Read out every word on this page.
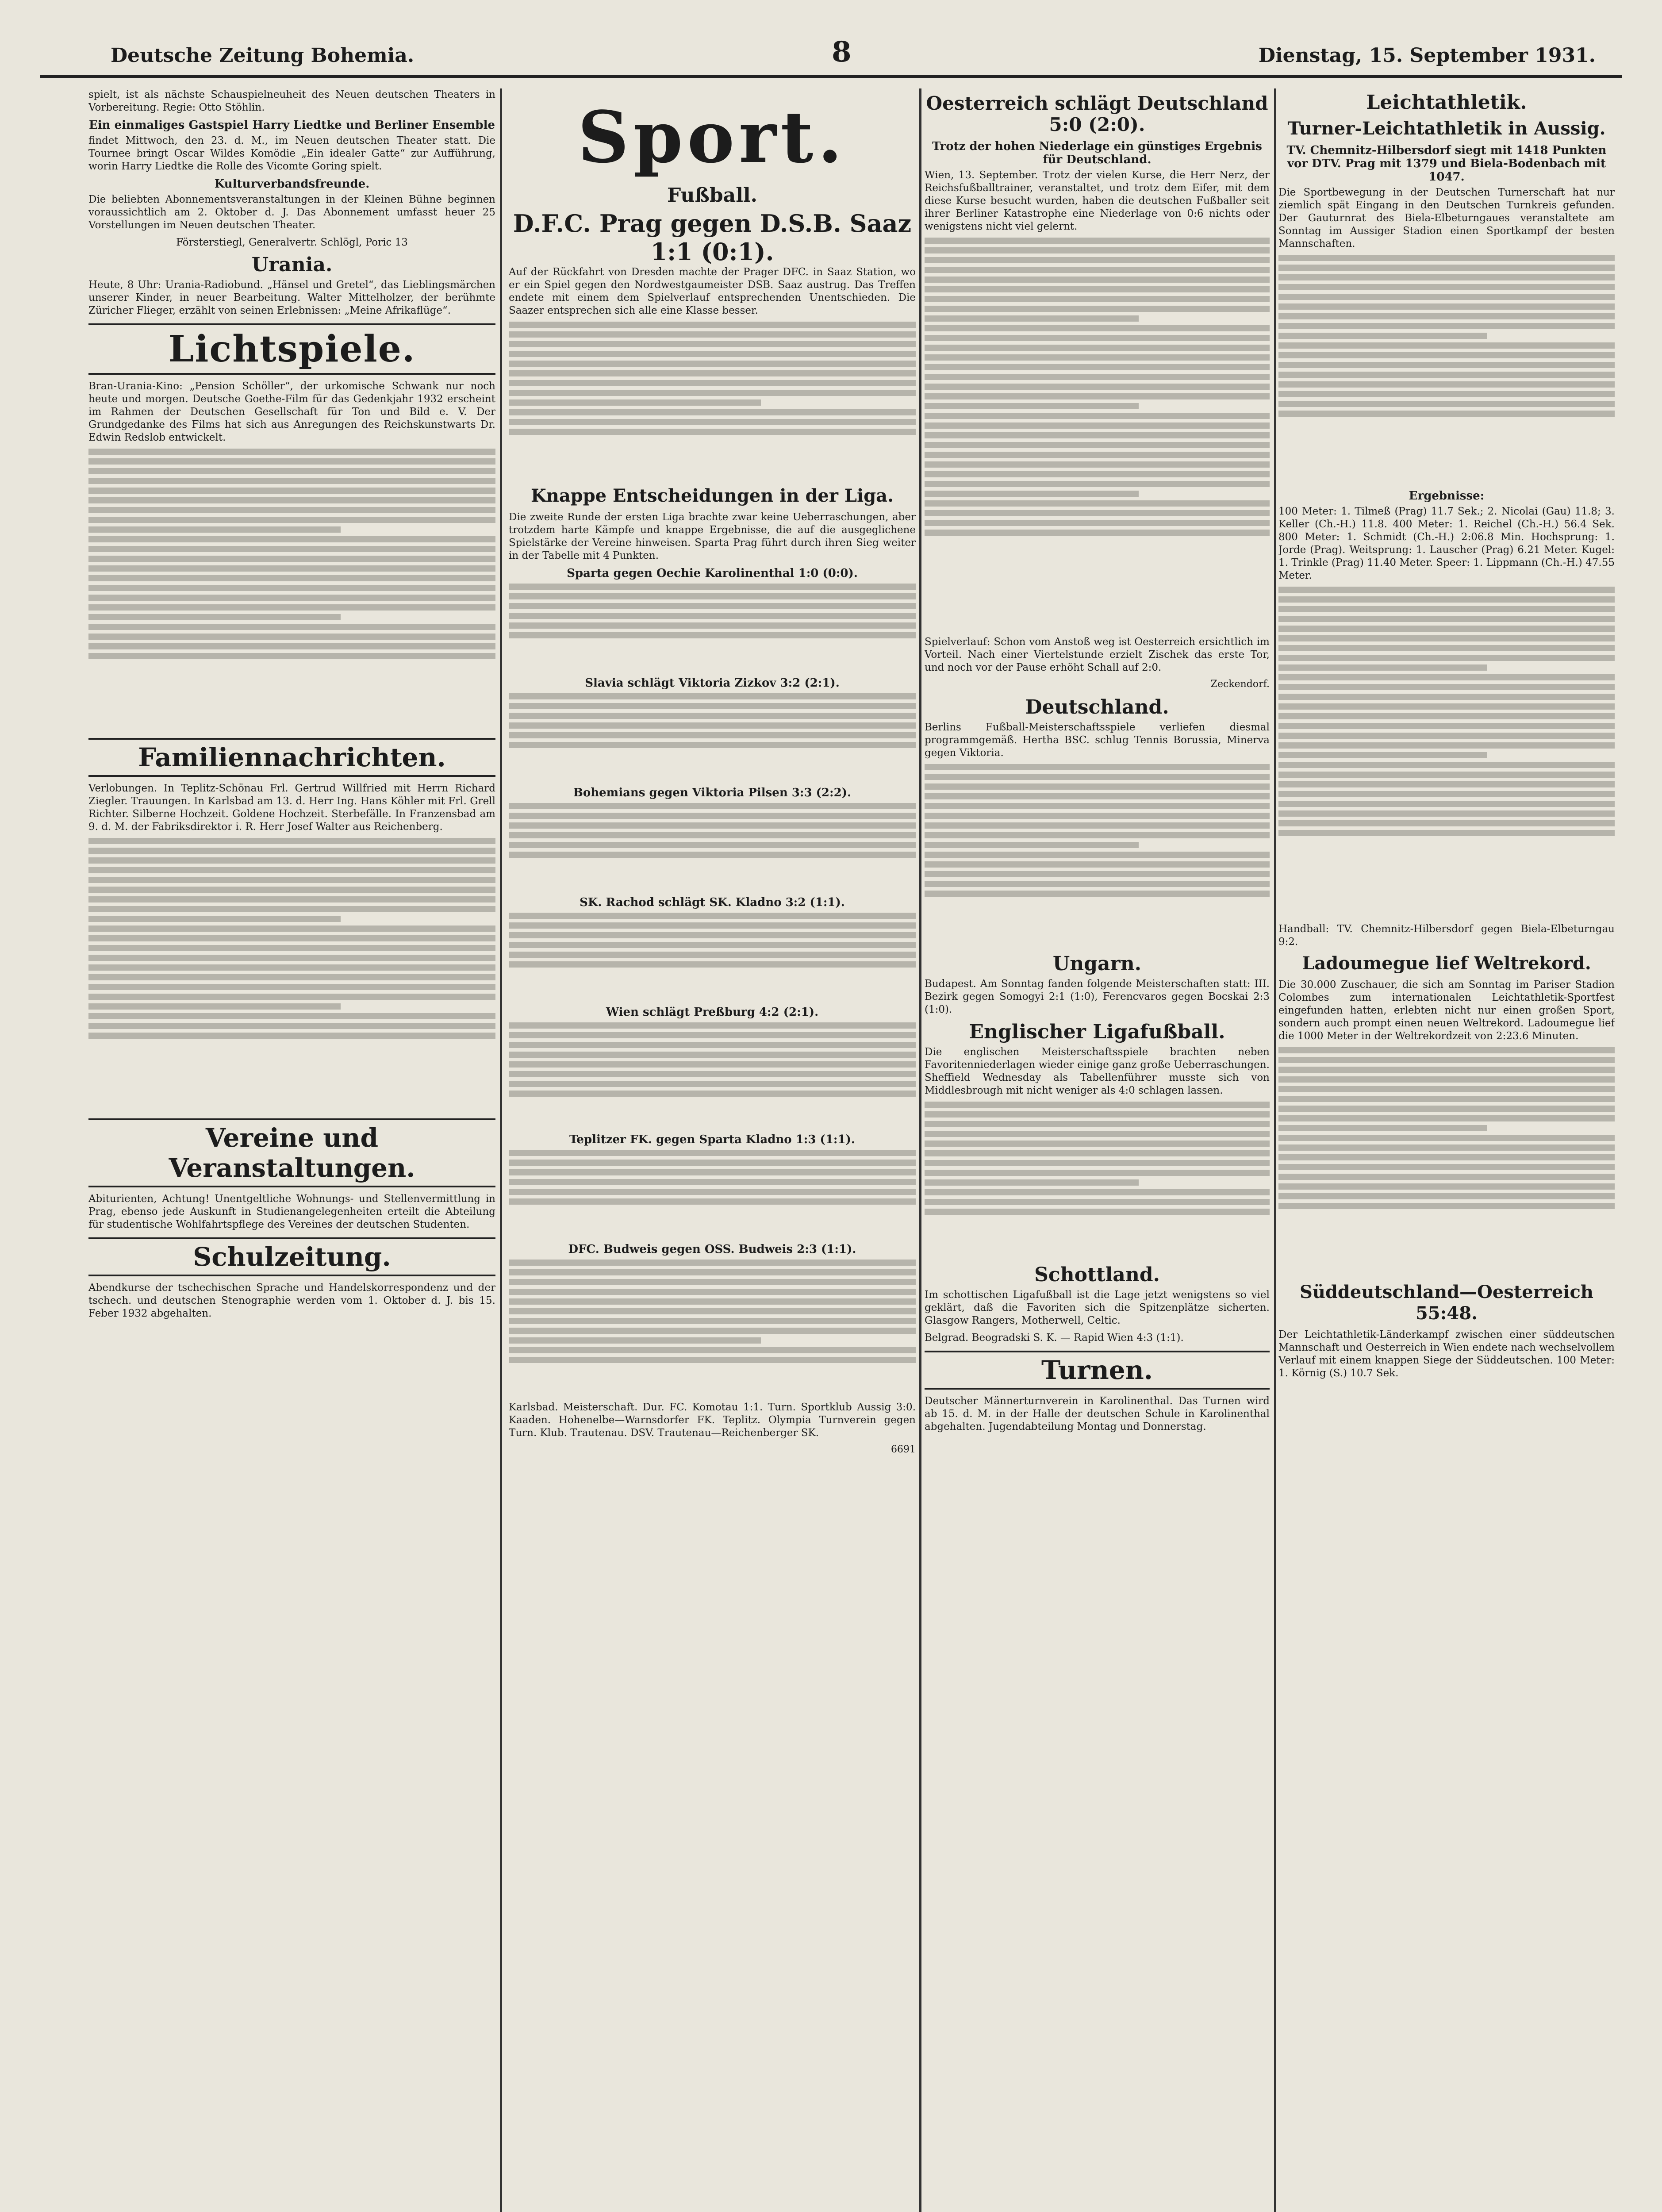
Deutsche Zeitung Bohemia.	8	Dienstag, 15. September 1931.

spielt, ist als nächste Schauspielneuheit des Neuen deutschen Theaters in Vorbereitung. Regie: Otto Stöhlin.

Ein einmaliges Gastspiel Harry Liedtke und Berliner Ensemble

findet Mittwoch, den 23. d. M., im Neuen deutschen Theater statt. Die Tournee bringt Oscar Wildes Komödie „Ein idealer Gatte“ zur Aufführung, worin Harry Liedtke die Rolle des Vicomte Goring spielt.

Kulturverbandsfreunde.

Die beliebten Abonnementsveranstaltungen in der Kleinen Bühne beginnen voraussichtlich am 2. Oktober d. J. Das Abonnement umfasst heuer 25 Vorstellungen im Neuen deutschen Theater.

Försterstiegl, Generalvertr. Schlögl, Poric 13

Urania.

Heute, 8 Uhr: Urania-Radiobund. „Hänsel und Gretel“, das Lieblingsmärchen unserer Kinder, in neuer Bearbeitung. Walter Mittelholzer, der berühmte Züricher Flieger, erzählt von seinen Erlebnissen: „Meine Afrikaflüge“.

Lichtspiele.

Bran-Urania-Kino: „Pension Schöller“, der urkomische Schwank nur noch heute und morgen. Deutsche Goethe-Film für das Gedenkjahr 1932 erscheint im Rahmen der Deutschen Gesellschaft für Ton und Bild e. V. Der Grundgedanke des Films hat sich aus Anregungen des Reichskunstwarts Dr. Edwin Redslob entwickelt.

Familiennachrichten.

Verlobungen. In Teplitz-Schönau Frl. Gertrud Willfried mit Herrn Richard Ziegler. Trauungen. In Karlsbad am 13. d. Herr Ing. Hans Köhler mit Frl. Grell Richter. Silberne Hochzeit. Goldene Hochzeit. Sterbefälle. In Franzensbad am 9. d. M. der Fabriksdirektor i. R. Herr Josef Walter aus Reichenberg.

Vereine und Veranstaltungen.

Abiturienten, Achtung! Unentgeltliche Wohnungs- und Stellenvermittlung in Prag, ebenso jede Auskunft in Studienangelegenheiten erteilt die Abteilung für studentische Wohlfahrtspflege des Vereines der deutschen Studenten.

Schulzeitung.

Abendkurse der tschechischen Sprache und Handelskorrespondenz und der tschech. und deutschen Stenographie werden vom 1. Oktober d. J. bis 15. Feber 1932 abgehalten.

Sport.
Fußball.
D.F.C. Prag gegen D.S.B. Saaz
1:1 (0:1).

Auf der Rückfahrt von Dresden machte der Prager DFC. in Saaz Station, wo er ein Spiel gegen den Nordwestgaumeister DSB. Saaz austrug. Das Treffen endete mit einem dem Spielverlauf entsprechenden Unentschieden. Die Saazer entsprechen sich alle eine Klasse besser.

Knappe Entscheidungen in der Liga.

Die zweite Runde der ersten Liga brachte zwar keine Ueberraschungen, aber trotzdem harte Kämpfe und knappe Ergebnisse, die auf die ausgeglichene Spielstärke der Vereine hinweisen. Sparta Prag führt durch ihren Sieg weiter in der Tabelle mit 4 Punkten.

Sparta gegen Oechie Karolinenthal 1:0 (0:0).
Slavia schlägt Viktoria Zizkov 3:2 (2:1).
Bohemians gegen Viktoria Pilsen 3:3 (2:2).
SK. Rachod schlägt SK. Kladno 3:2 (1:1).
Wien schlägt Preßburg 4:2 (2:1).
Teplitzer FK. gegen Sparta Kladno 1:3 (1:1).
DFC. Budweis gegen OSS. Budweis 2:3 (1:1).

Karlsbad. Meisterschaft. Dur. FC. Komotau 1:1. Turn. Sportklub Aussig 3:0. Kaaden. Hohenelbe—Warnsdorfer FK. Teplitz. Olympia Turnverein gegen Turn. Klub. Trautenau. DSV. Trautenau—Reichenberger SK.

6691
Oesterreich schlägt Deutschland 5:0 (2:0).
Trotz der hohen Niederlage ein günstiges Ergebnis für Deutschland.

Wien, 13. September. Trotz der vielen Kurse, die Herr Nerz, der Reichsfußballtrainer, veranstaltet, und trotz dem Eifer, mit dem diese Kurse besucht wurden, haben die deutschen Fußballer seit ihrer Berliner Katastrophe eine Niederlage von 0:6 nichts oder wenigstens nicht viel gelernt.

Spielverlauf: Schon vom Anstoß weg ist Oesterreich ersichtlich im Vorteil. Nach einer Viertelstunde erzielt Zischek das erste Tor, und noch vor der Pause erhöht Schall auf 2:0.

Zeckendorf.
Deutschland.

Berlins Fußball-Meisterschaftsspiele verliefen diesmal programmgemäß. Hertha BSC. schlug Tennis Borussia, Minerva gegen Viktoria.

Ungarn.

Budapest. Am Sonntag fanden folgende Meisterschaften statt: III. Bezirk gegen Somogyi 2:1 (1:0), Ferencvaros gegen Bocskai 2:3 (1:0).

Englischer Ligafußball.

Die englischen Meisterschaftsspiele brachten neben Favoritenniederlagen wieder einige ganz große Ueberraschungen. Sheffield Wednesday als Tabellenführer musste sich von Middlesbrough mit nicht weniger als 4:0 schlagen lassen.

Schottland.

Im schottischen Ligafußball ist die Lage jetzt wenigstens so viel geklärt, daß die Favoriten sich die Spitzenplätze sicherten. Glasgow Rangers, Motherwell, Celtic.

Belgrad. Beogradski S. K. — Rapid Wien 4:3 (1:1).

Turnen.

Deutscher Männerturnverein in Karolinenthal. Das Turnen wird ab 15. d. M. in der Halle der deutschen Schule in Karolinenthal abgehalten. Jugendabteilung Montag und Donnerstag.

Leichtathletik.
Turner-Leichtathletik in Aussig.
TV. Chemnitz-Hilbersdorf siegt mit 1418 Punkten vor DTV. Prag mit 1379 und Biela-Bodenbach mit 1047.

Die Sportbewegung in der Deutschen Turnerschaft hat nur ziemlich spät Eingang in den Deutschen Turnkreis gefunden. Der Gauturnrat des Biela-Elbeturngaues veranstaltete am Sonntag im Aussiger Stadion einen Sportkampf der besten Mannschaften.

Ergebnisse:

100 Meter: 1. Tilmeß (Prag) 11.7 Sek.; 2. Nicolai (Gau) 11.8; 3. Keller (Ch.-H.) 11.8. 400 Meter: 1. Reichel (Ch.-H.) 56.4 Sek. 800 Meter: 1. Schmidt (Ch.-H.) 2:06.8 Min. Hochsprung: 1. Jorde (Prag). Weitsprung: 1. Lauscher (Prag) 6.21 Meter. Kugel: 1. Trinkle (Prag) 11.40 Meter. Speer: 1. Lippmann (Ch.-H.) 47.55 Meter.

Handball: TV. Chemnitz-Hilbersdorf gegen Biela-Elbeturngau 9:2.

Ladoumegue lief Weltrekord.

Die 30.000 Zuschauer, die sich am Sonntag im Pariser Stadion Colombes zum internationalen Leichtathletik-Sportfest eingefunden hatten, erlebten nicht nur einen großen Sport, sondern auch prompt einen neuen Weltrekord. Ladoumegue lief die 1000 Meter in der Weltrekordzeit von 2:23.6 Minuten.

Süddeutschland—Oesterreich 55:48.

Der Leichtathletik-Länderkampf zwischen einer süddeutschen Mannschaft und Oesterreich in Wien endete nach wechselvollem Verlauf mit einem knappen Siege der Süddeutschen. 100 Meter: 1. Körnig (S.) 10.7 Sek.
